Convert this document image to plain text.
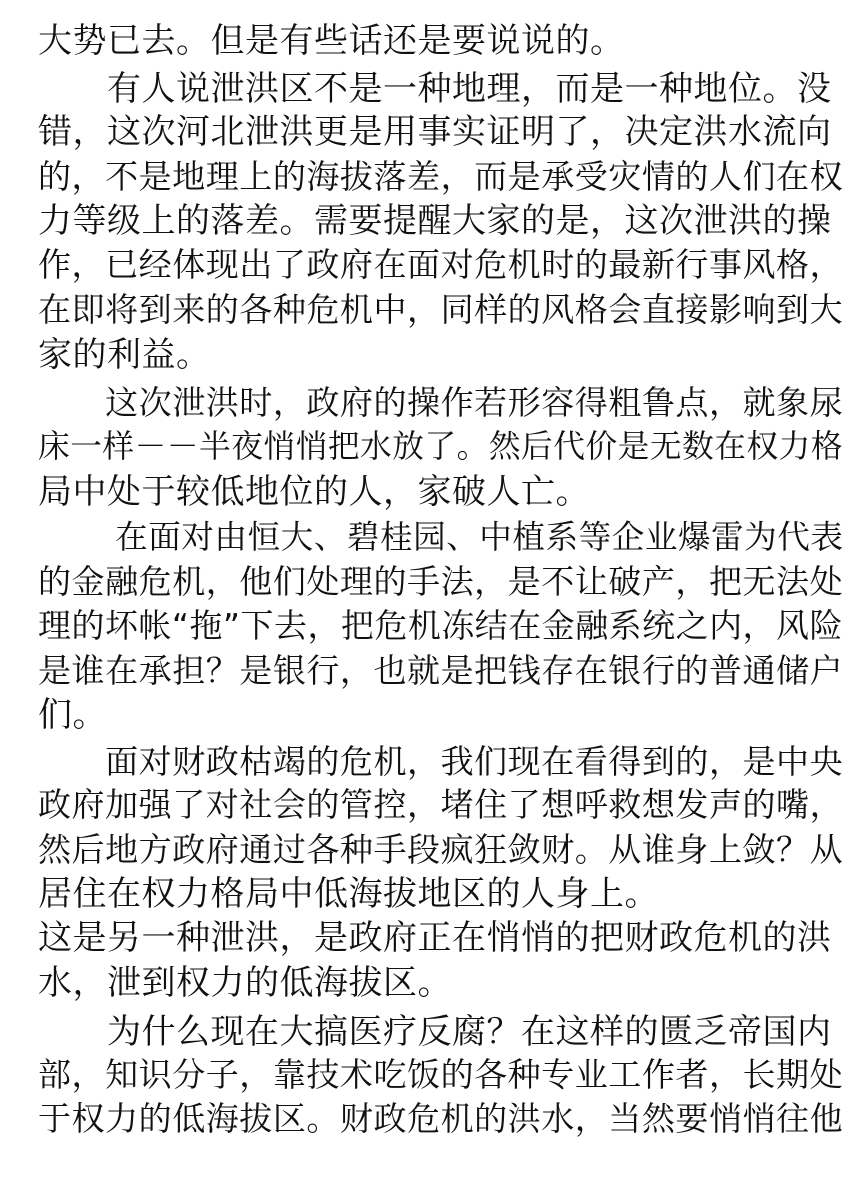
大势已去。但是有些话还是要说说的。
　　有人说泄洪区不是一种地理，而是一种地位。没
错，这次河北泄洪更是用事实证明了，决定洪水流向
的，不是地理上的海拔落差，而是承受灾情的人们在权
力等级上的落差。需要提醒大家的是，这次泄洪的操
作，已经体现出了政府在面对危机时的最新行事风格，
在即将到来的各种危机中，同样的风格会直接影响到大
家的利益。
　　这次泄洪时，政府的操作若形容得粗鲁点，就象尿
床一样－－半夜悄悄把水放了。然后代价是无数在权力格
局中处于较低地位的人，家破人亡。
　　 在面对由恒大、碧桂园、中植系等企业爆雷为代表
的金融危机，他们处理的手法，是不让破产，把无法处
理的坏帐“拖”下去，把危机冻结在金融系统之内，风险
是谁在承担？是银行，也就是把钱存在银行的普通储户
们。
　　面对财政枯竭的危机，我们现在看得到的，是中央
政府加强了对社会的管控，堵住了想呼救想发声的嘴，
然后地方政府通过各种手段疯狂敛财。从谁身上敛？从
居住在权力格局中低海拔地区的人身上。
这是另一种泄洪，是政府正在悄悄的把财政危机的洪
水，泄到权力的低海拔区。
　　为什么现在大搞医疗反腐？在这样的匮乏帝国内
部，知识分子，靠技术吃饭的各种专业工作者，长期处
于权力的低海拔区。财政危机的洪水，当然要悄悄往他
